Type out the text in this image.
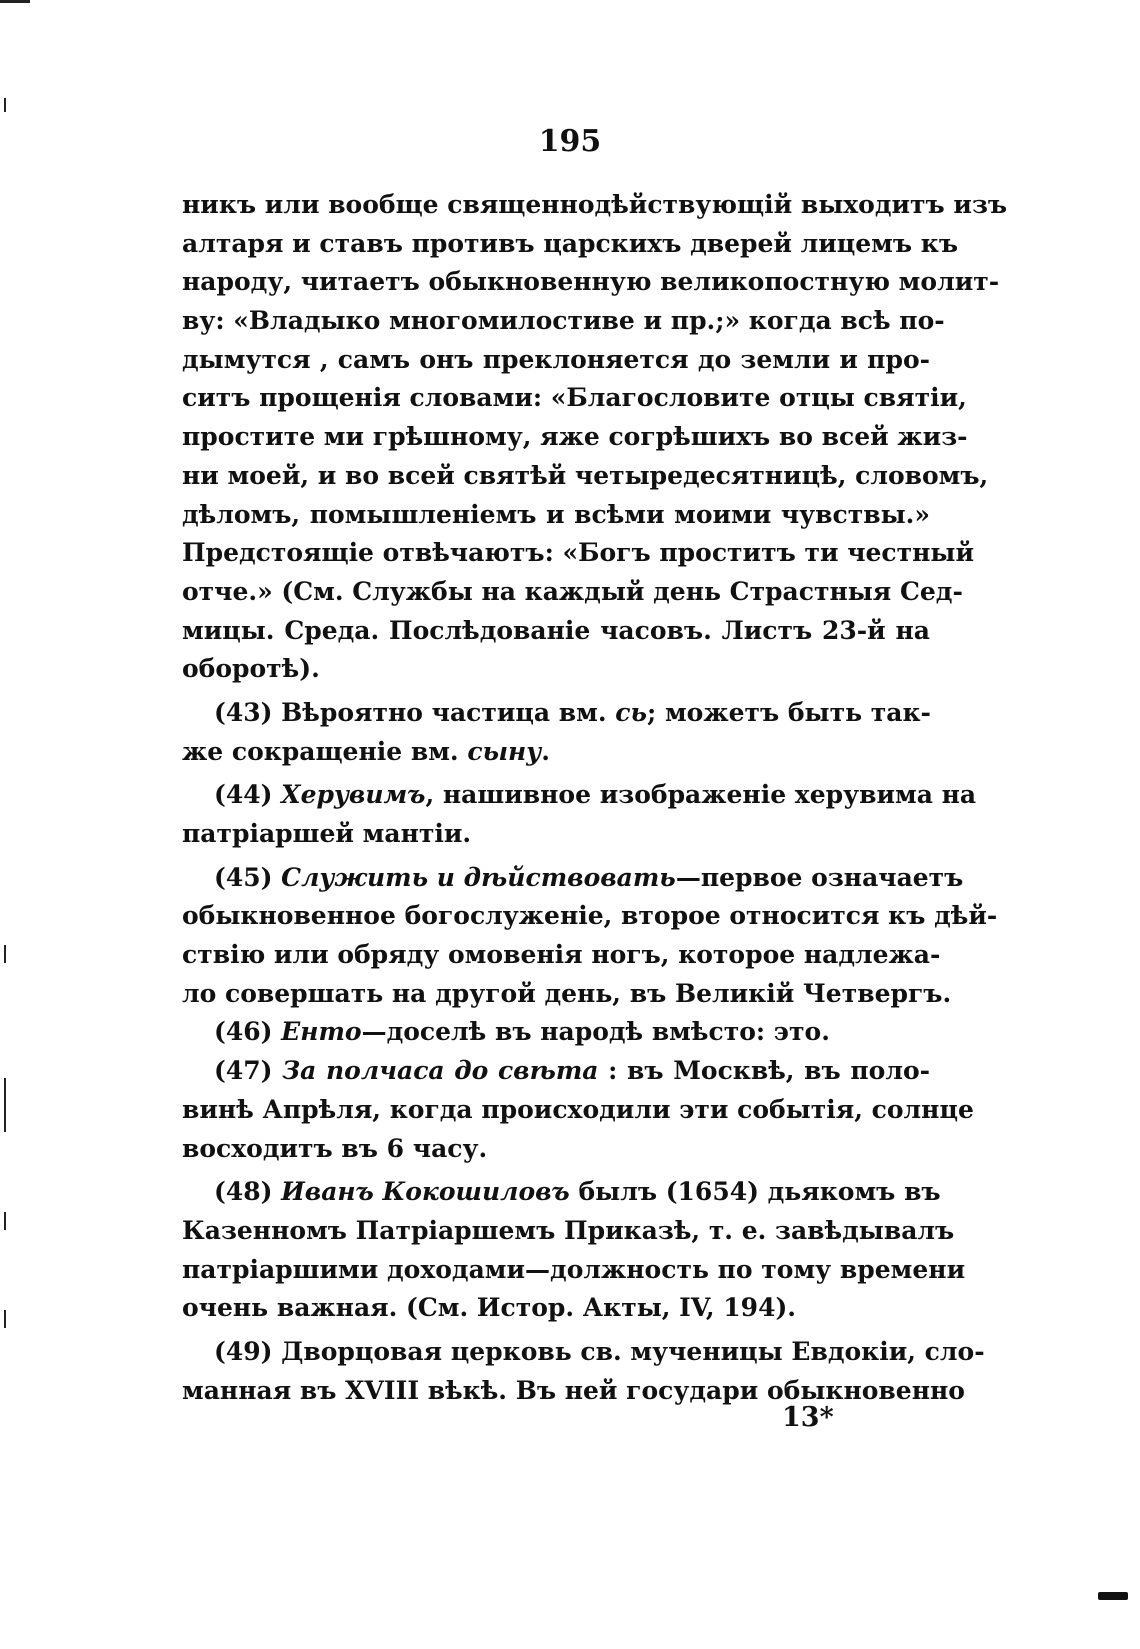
195
никъ или вообще священнодѣйствующій выходитъ изъ
алтаря и ставъ противъ царскихъ дверей лицемъ къ
народу, читаетъ обыкновенную великопостную молит-
ву: «Владыко многомилостиве и пр.;» когда всѣ по-
дымутся , самъ онъ преклоняется до земли и про-
ситъ прощенія словами: «Благословите отцы святіи,
простите ми грѣшному, яже согрѣшихъ во всей жиз-
ни моей, и во всей святѣй четыредесятницѣ, словомъ,
дѣломъ, помышленіемъ и всѣми моими чувствы.»
Предстоящіе отвѣчаютъ: «Богъ проститъ ти честный
отче.» (См. Службы на каждый день Страстныя Сед-
мицы. Среда. Послѣдованіе часовъ. Листъ 23-й на
оборотѣ).
(43) Вѣроятно частица вм. сь; можетъ быть так-
же сокращеніе вм. сыну.
(44) Херувимъ, нашивное изображеніе херувима на
патріаршей мантіи.
(45) Служить и дѣйствовать—первое означаетъ
обыкновенное богослуженіе, второе относится къ дѣй-
ствію или обряду омовенія ногъ, которое надлежа-
ло совершать на другой день, въ Великій Четвергъ.
(46) Енто—доселѣ въ народѣ вмѣсто: это.
(47) За полчаса до свѣта : въ Москвѣ, въ поло-
винѣ Апрѣля, когда происходили эти событія, солнце
восходитъ въ 6 часу.
(48) Иванъ Кокошиловъ былъ (1654) дьякомъ въ
Казенномъ Патріаршемъ Приказѣ, т. е. завѣдывалъ
патріаршими доходами—должность по тому времени
очень важная. (См. Истор. Акты, IV, 194).
(49) Дворцовая церковь св. мученицы Евдокіи, сло-
манная въ XVIII вѣкѣ. Въ ней государи обыкновенно
13*
